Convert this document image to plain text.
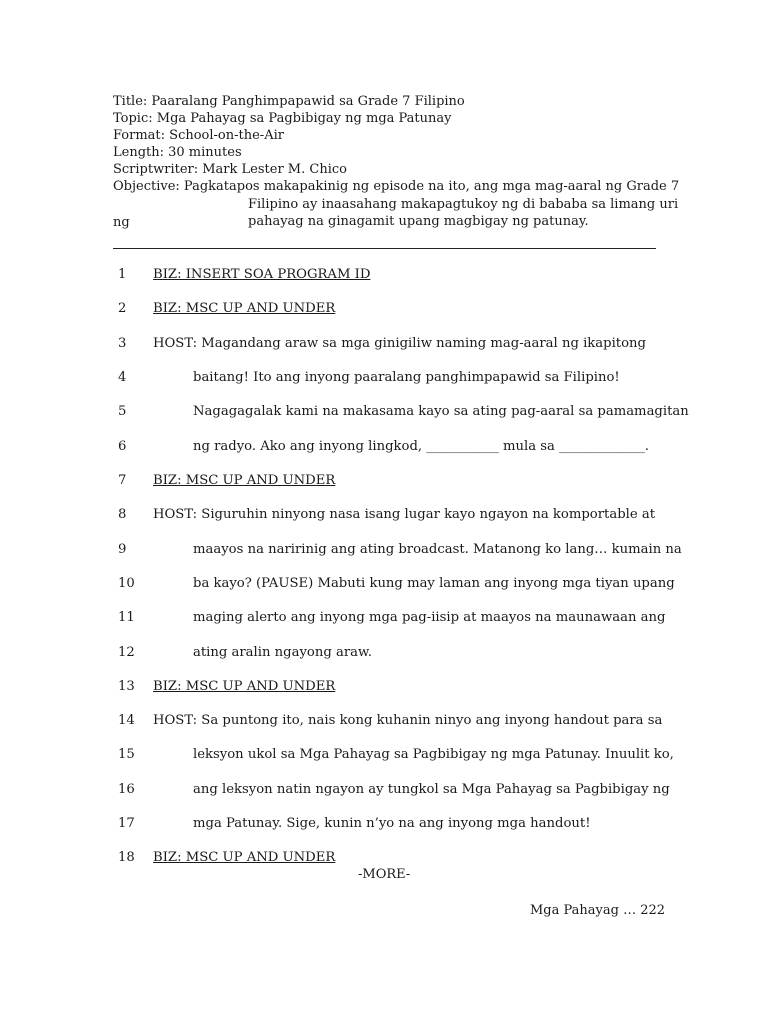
Title: Paaralang Panghimpapawid sa Grade 7 Filipino
Topic: Mga Pahayag sa Pagbibigay ng mga Patunay
Format: School-on-the-Air
Length: 30 minutes
Scriptwriter: Mark Lester M. Chico
Objective: Pagkatapos makapakinig ng episode na ito, ang mga mag-aaral ng Grade 7
Filipino ay inaasahang makapagtukoy ng di bababa sa limang uri
ng	pahayag na ginagamit upang magbigay ng patunay.
1 BIZ: INSERT SOA PROGRAM ID
2 BIZ: MSC UP AND UNDER
3 HOST: Magandang araw sa mga ginigiliw naming mag-aaral ng ikapitong
4	baitang! Ito ang inyong paaralang panghimpapawid sa Filipino!
5	Nagagagalak kami na makasama kayo sa ating pag-aaral sa pamamagitan
6	ng radyo. Ako ang inyong lingkod, ___________ mula sa _____________.
7 BIZ: MSC UP AND UNDER
8 HOST: Siguruhin ninyong nasa isang lugar kayo ngayon na komportable at
9	maayos na naririnig ang ating broadcast. Matanong ko lang… kumain na
10	ba kayo? (PAUSE) Mabuti kung may laman ang inyong mga tiyan upang
11	maging alerto ang inyong mga pag-iisip at maayos na maunawaan ang
12	ating aralin ngayong araw.
13 BIZ: MSC UP AND UNDER
14 HOST: Sa puntong ito, nais kong kuhanin ninyo ang inyong handout para sa
15	leksyon ukol sa Mga Pahayag sa Pagbibigay ng mga Patunay. Inuulit ko,
16	ang leksyon natin ngayon ay tungkol sa Mga Pahayag sa Pagbibigay ng
17	mga Patunay. Sige, kunin n’yo na ang inyong mga handout!
18 BIZ: MSC UP AND UNDER
-MORE-
Mga Pahayag … 222
